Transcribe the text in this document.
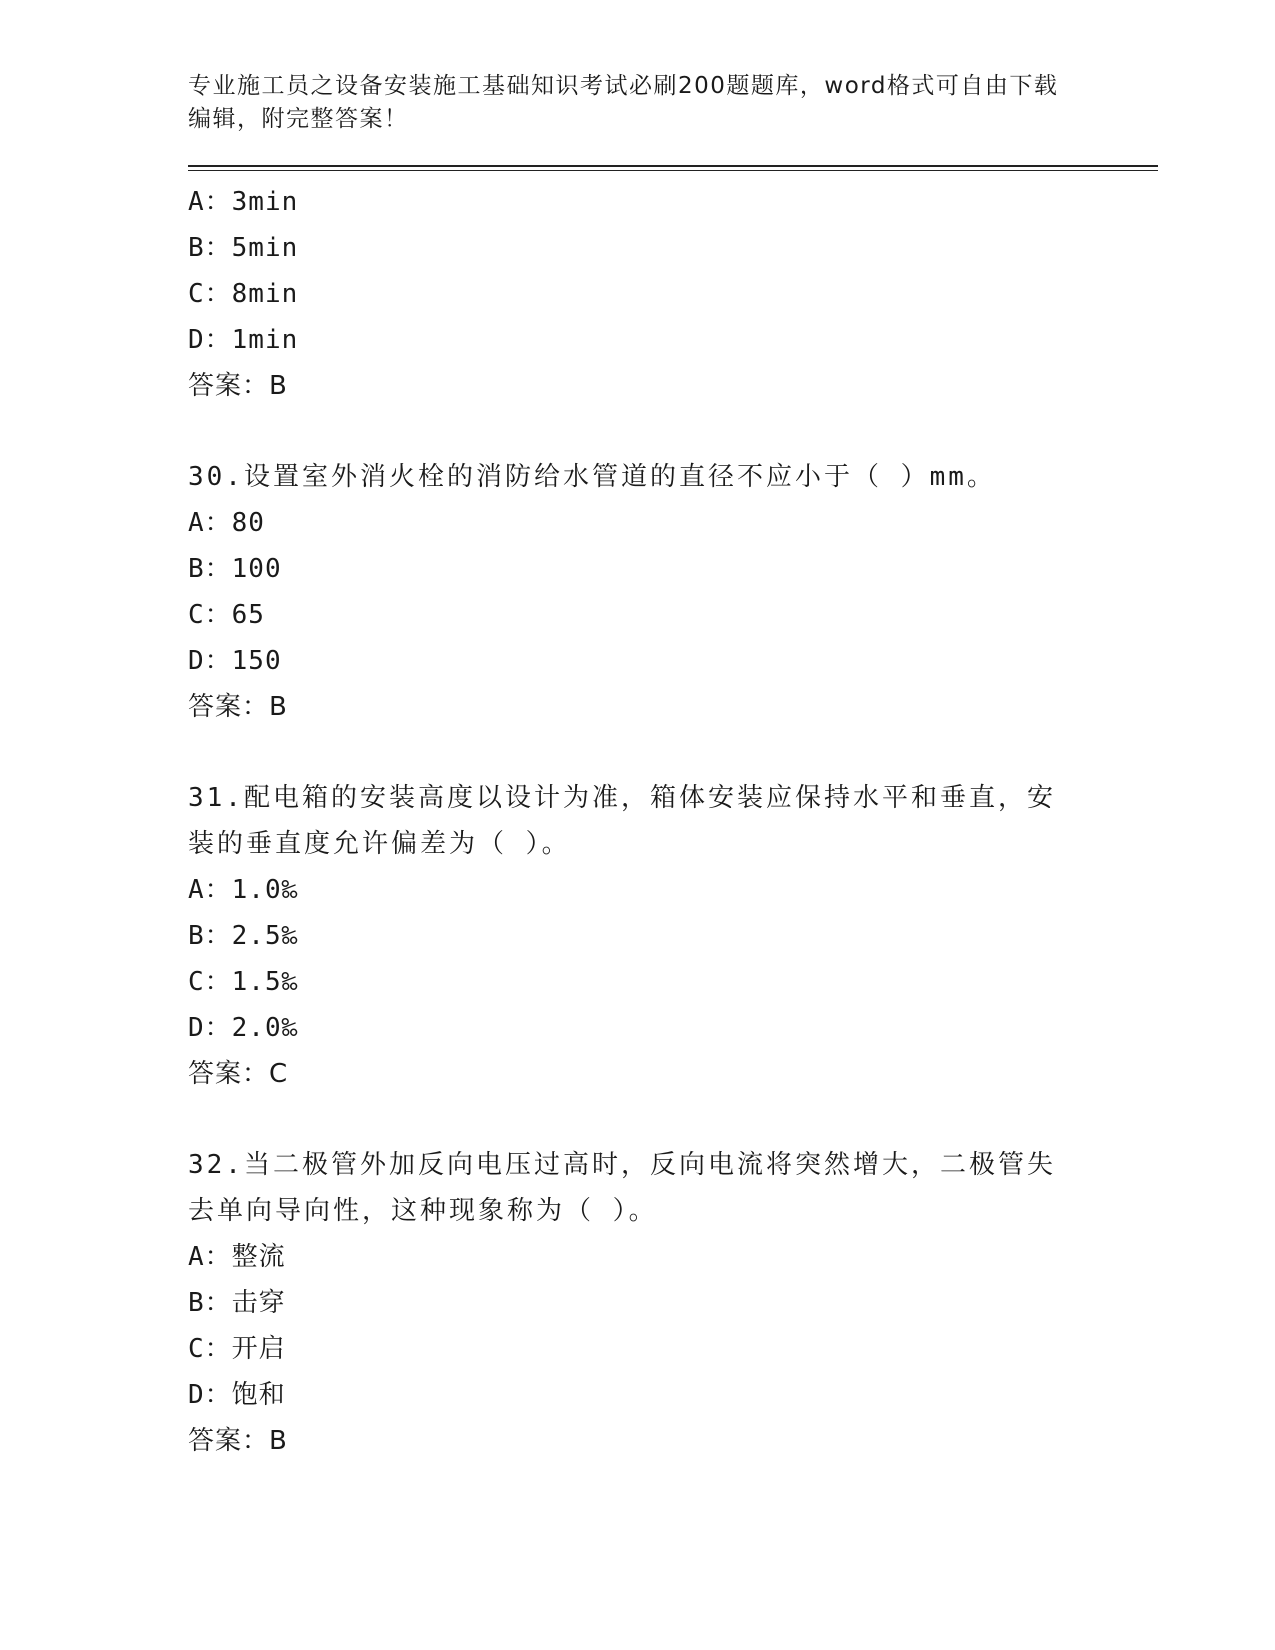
专业施工员之设备安装施工基础知识考试必刷200题题库，word格式可自由下载编辑，附完整答案！

A：3min

B：5min

C：8min

D：1min

答案：B

30.设置室外消火栓的消防给水管道的直径不应小于（ ）mm。

A：80

B：100

C：65

D：150

答案：B

31.配电箱的安装高度以设计为准，箱体安装应保持水平和垂直，安装的垂直度允许偏差为（ ）。

A：1.0‰

B：2.5‰

C：1.5‰

D：2.0‰

答案：C

32.当二极管外加反向电压过高时，反向电流将突然增大，二极管失去单向导向性，这种现象称为（ ）。

A：整流

B：击穿

C：开启

D：饱和

答案：B
